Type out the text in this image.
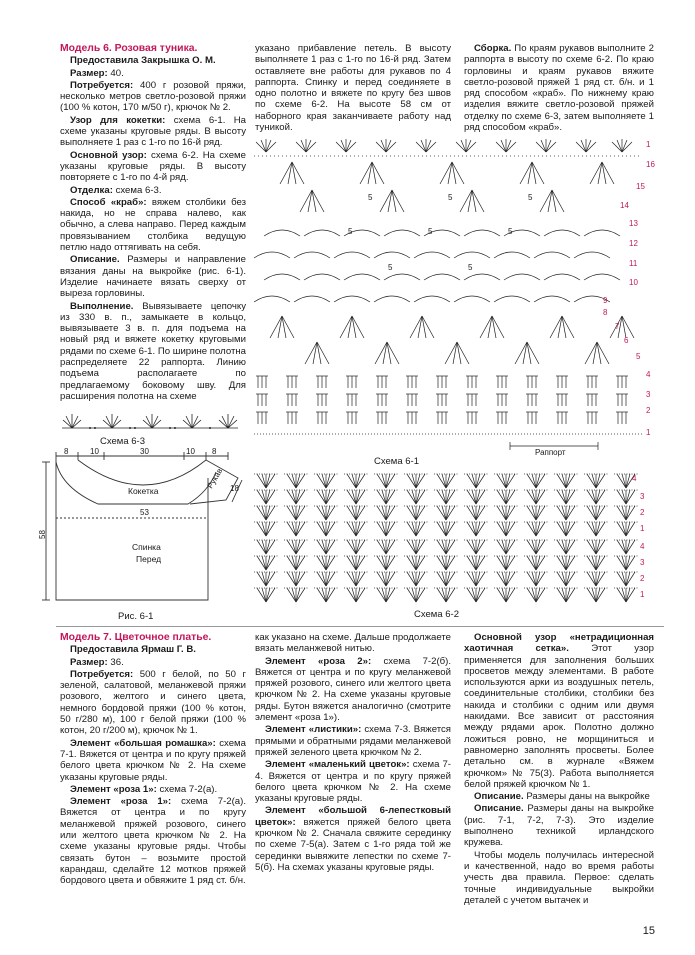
Модель 6. Розовая туника.

Предоставила Закрышка О. М.

Размер: 40.

Потребуется: 400 г розовой пряжи, несколько метров светло-розовой пряжи (100 % котон, 170 м/50 г), крючок № 2.

Узор для кокетки: схема 6-1. На схеме указаны круговые ряды. В высоту выполняете 1 раз с 1-го по 16-й ряд.

Основной узор: схема 6-2. На схеме указаны круговые ряды. В высоту повторяете с 1-го по 4-й ряд.

Отделка: схема 6-3.

Способ «краб»: вяжем столбики без накида, но не справа налево, как обычно, а слева направо. Перед каждым провязыванием столбика ведущую петлю надо оттягивать на себя.

Описание. Размеры и направление вязания даны на выкройке (рис. 6-1). Изделие начинаете вязать сверху от выреза горловины.

Выполнение. Вывязываете цепочку из 330 в. п., замыкаете в кольцо, вывязываете 3 в. п. для подъема на новый ряд и вяжете кокетку круговыми рядами по схеме 6-1. По ширине полотна распределяете 22 раппорта. Линию подъема располагаете по предлагаемому боковому шву. Для расширения полотна на схеме

указано прибавление петель. В высоту выполняете 1 раз с 1-го по 16-й ряд. Затем оставляете вне работы для рукавов по 4 раппорта. Спинку и перед соединяете в одно полотно и вяжете по кругу без швов по схеме 6-2. На высоте 58 см от наборного края заканчиваете работу над туникой.

Сборка. По краям рукавов выполните 2 раппорта в высоту по схеме 6-2. По краю горловины и краям рукавов вяжите светло-розовой пряжей 1 ряд ст. б/н. и 1 ряд способом «краб». По нижнему краю изделия вяжите светло-розовой пряжей отделку по схеме 6-3, затем выполняете 1 ряд способом «краб».

Схема 6-3
8	10	30	10 8
Кокетка
Рукав 18
53
58
Спинка
Перед
Рис. 6-1
5	5	5
5	5	5
5	5
16
15
14
13
12
11
10
9
8
7
6
5
4
3
2
1
1
Раппорт
Схема 6-1
4
3
2
1
4
3
2
1
Схема 6-2

Модель 7. Цветочное платье.

Предоставила Ярмаш Г. В.

Размер: 36.

Потребуется: 500 г белой, по 50 г зеленой, салатовой, меланжевой пряжи розового, желтого и синего цвета, немного бордовой пряжи (100 % котон, 50 г/280 м), 100 г белой пряжи (100 % котон, 20 г/200 м), крючок № 1.

Элемент «большая ромашка»: схема 7-1. Вяжется от центра и по кругу пряжей белого цвета крючком № 2. На схеме указаны круговые ряды.

Элемент «роза 1»: схема 7-2(а).

Элемент «роза 1»: схема 7-2(а). Вяжется от центра и по кругу меланжевой пряжей розового, синего или желтого цвета крючком № 2. На схеме указаны круговые ряды. Чтобы связать бутон – возьмите простой карандаш, сделайте 12 мотков пряжей бордового цвета и обвяжите 1 ряд ст. б/н.

как указано на схеме. Дальше продолжаете вязать меланжевой нитью.

Элемент «роза 2»: схема 7-2(б). Вяжется от центра и по кругу меланжевой пряжей розового, синего или желтого цвета крючком № 2. На схеме указаны круговые ряды. Бутон вяжется аналогично (смотрите элемент «роза 1»).

Элемент «листики»: схема 7-3. Вяжется прямыми и обратными рядами меланжевой пряжей зеленого цвета крючком № 2.

Элемент «маленький цветок»: схема 7-4. Вяжется от центра и по кругу пряжей белого цвета крючком № 2. На схеме указаны круговые ряды.

Элемент «большой 6-лепестковый цветок»: вяжется пряжей белого цвета крючком № 2. Сначала свяжите серединку по схеме 7-5(а). Затем с 1-го ряда той же серединки вывяжите лепестки по схеме 7-5(б). На схемах указаны круговые ряды.

Основной узор «нетрадиционная хаотичная сетка». Этот узор применяется для заполнения больших просветов между элементами. В работе используются арки из воздушных петель, соединительные столбики, столбики без накида и столбики с одним или двумя накидами. Все зависит от расстояния между рядами арок. Полотно должно ложиться ровно, не морщиниться и равномерно заполнять просветы. Более детально см. в журнале «Вяжем крючком» № 75(3). Работа выполняется белой пряжей крючком № 1.

Описание. Размеры даны на выкройке

Описание. Размеры даны на выкройке (рис. 7-1, 7-2, 7-3). Это изделие выполнено техникой ирландского кружева.

Чтобы модель получилась интересной и качественной, надо во время работы учесть два правила. Первое: сделать точные индивидуальные выкройки деталей с учетом вытачек и

15
